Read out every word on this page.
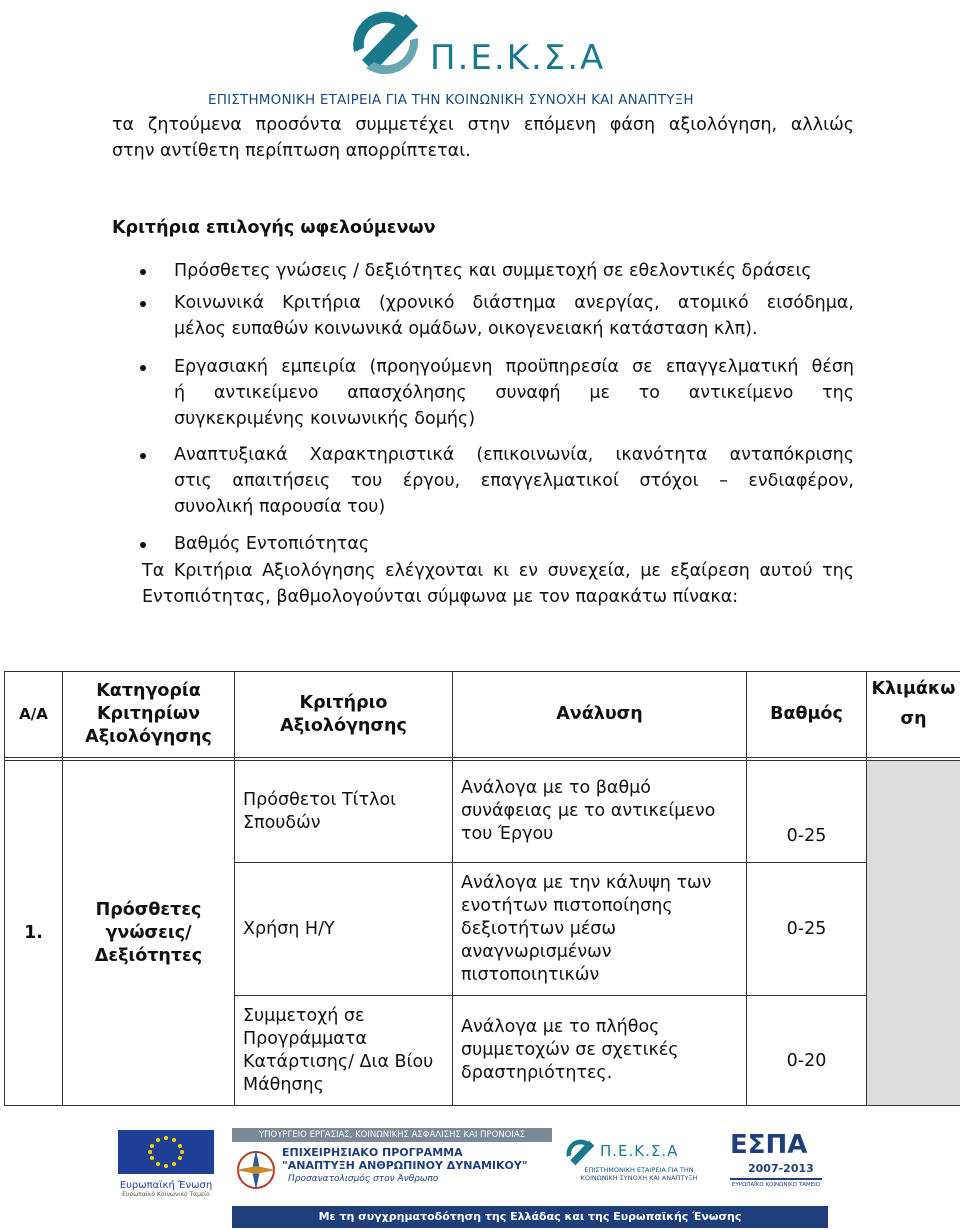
Π.Ε.Κ.Σ.Α
ΕΠΙΣΤΗΜΟΝΙΚΗ ΕΤΑΙΡΕΙΑ ΓΙΑ ΤΗΝ ΚΟΙΝΩΝΙΚΗ ΣΥΝΟΧΗ ΚΑΙ ΑΝΑΠΤΥΞΗ
τα ζητούμενα προσόντα συμμετέχει στην επόμενη φάση αξιολόγηση, αλλιώς
στην αντίθετη περίπτωση απορρίπτεται.
Κριτήρια επιλογής ωφελούμενων
Πρόσθετες γνώσεις / δεξιότητες και συμμετοχή σε εθελοντικές δράσεις
Κοινωνικά Κριτήρια (χρονικό διάστημα ανεργίας, ατομικό εισόδημα,
μέλος ευπαθών κοινωνικά ομάδων, οικογενειακή κατάσταση κλπ).
Εργασιακή εμπειρία (προηγούμενη προϋπηρεσία σε επαγγελματική θέση
ή αντικείμενο απασχόλησης συναφή με το αντικείμενο της
συγκεκριμένης κοινωνικής δομής)
Αναπτυξιακά Χαρακτηριστικά (επικοινωνία, ικανότητα ανταπόκρισης
στις απαιτήσεις του έργου, επαγγελματικοί στόχοι – ενδιαφέρον,
συνολική παρουσία του)
Βαθμός Εντοπιότητας
Τα Κριτήρια Αξιολόγησης ελέγχονται κι εν συνεχεία, με εξαίρεση αυτού της
Εντοπιότητας, βαθμολογούνται σύμφωνα με τον παρακάτω πίνακα:
Α/Α	Κατηγορία Κριτηρίων Αξιολόγησης	Κριτήριο Αξιολόγησης	Ανάλυση	Βαθμός	Κλιμάκωση

1.	Πρόσθετες γνώσεις/ Δεξιότητες	Πρόσθετοι Τίτλοι Σπουδών	Ανάλογα με το βαθμό συνάφειας με το αντικείμενο του Έργου	0-25	
		Χρήση Η/Υ	Ανάλογα με την κάλυψη των ενοτήτων πιστοποίησης δεξιοτήτων μέσω αναγνωρισμένων πιστοποιητικών	0-25	
		Συμμετοχή σε Προγράμματα Κατάρτισης/ Δια Βίου Μάθησης	Ανάλογα με το πλήθος συμμετοχών σε σχετικές δραστηριότητες.	0-20	
Ευρωπαϊκή Ένωση
Ευρωπαϊκό Κοινωνικό Ταμείο
ΥΠΟΥΡΓΕΙΟ ΕΡΓΑΣΙΑΣ, ΚΟΙΝΩΝΙΚΗΣ ΑΣΦΑΛΙΣΗΣ ΚΑΙ ΠΡΟΝΟΙΑΣ
ΕΠΙΧΕΙΡΗΣΙΑΚΟ ΠΡΟΓΡΑΜΜΑ
"ΑΝΑΠΤΥΞΗ ΑΝΘΡΩΠΙΝΟΥ ΔΥΝΑΜΙΚΟΥ"
Προσανατολισμός στον Άνθρωπο
Π.Ε.Κ.Σ.Α
ΕΠΙΣΤΗΜΟΝΙΚΗ ΕΤΑΙΡΕΙΑ ΓΙΑ ΤΗΝ ΚΟΙΝΩΝΙΚΗ ΣΥΝΟΧΗ ΚΑΙ ΑΝΑΠΤΥΞΗ
ΕΣΠΑ
2007-2013
ΕΥΡΩΠΑΪΚΟ ΚΟΙΝΩΝΙΚΟ ΤΑΜΕΙΟ
Με τη συγχρηματοδότηση της Ελλάδας και της Ευρωπαϊκής Ένωσης
